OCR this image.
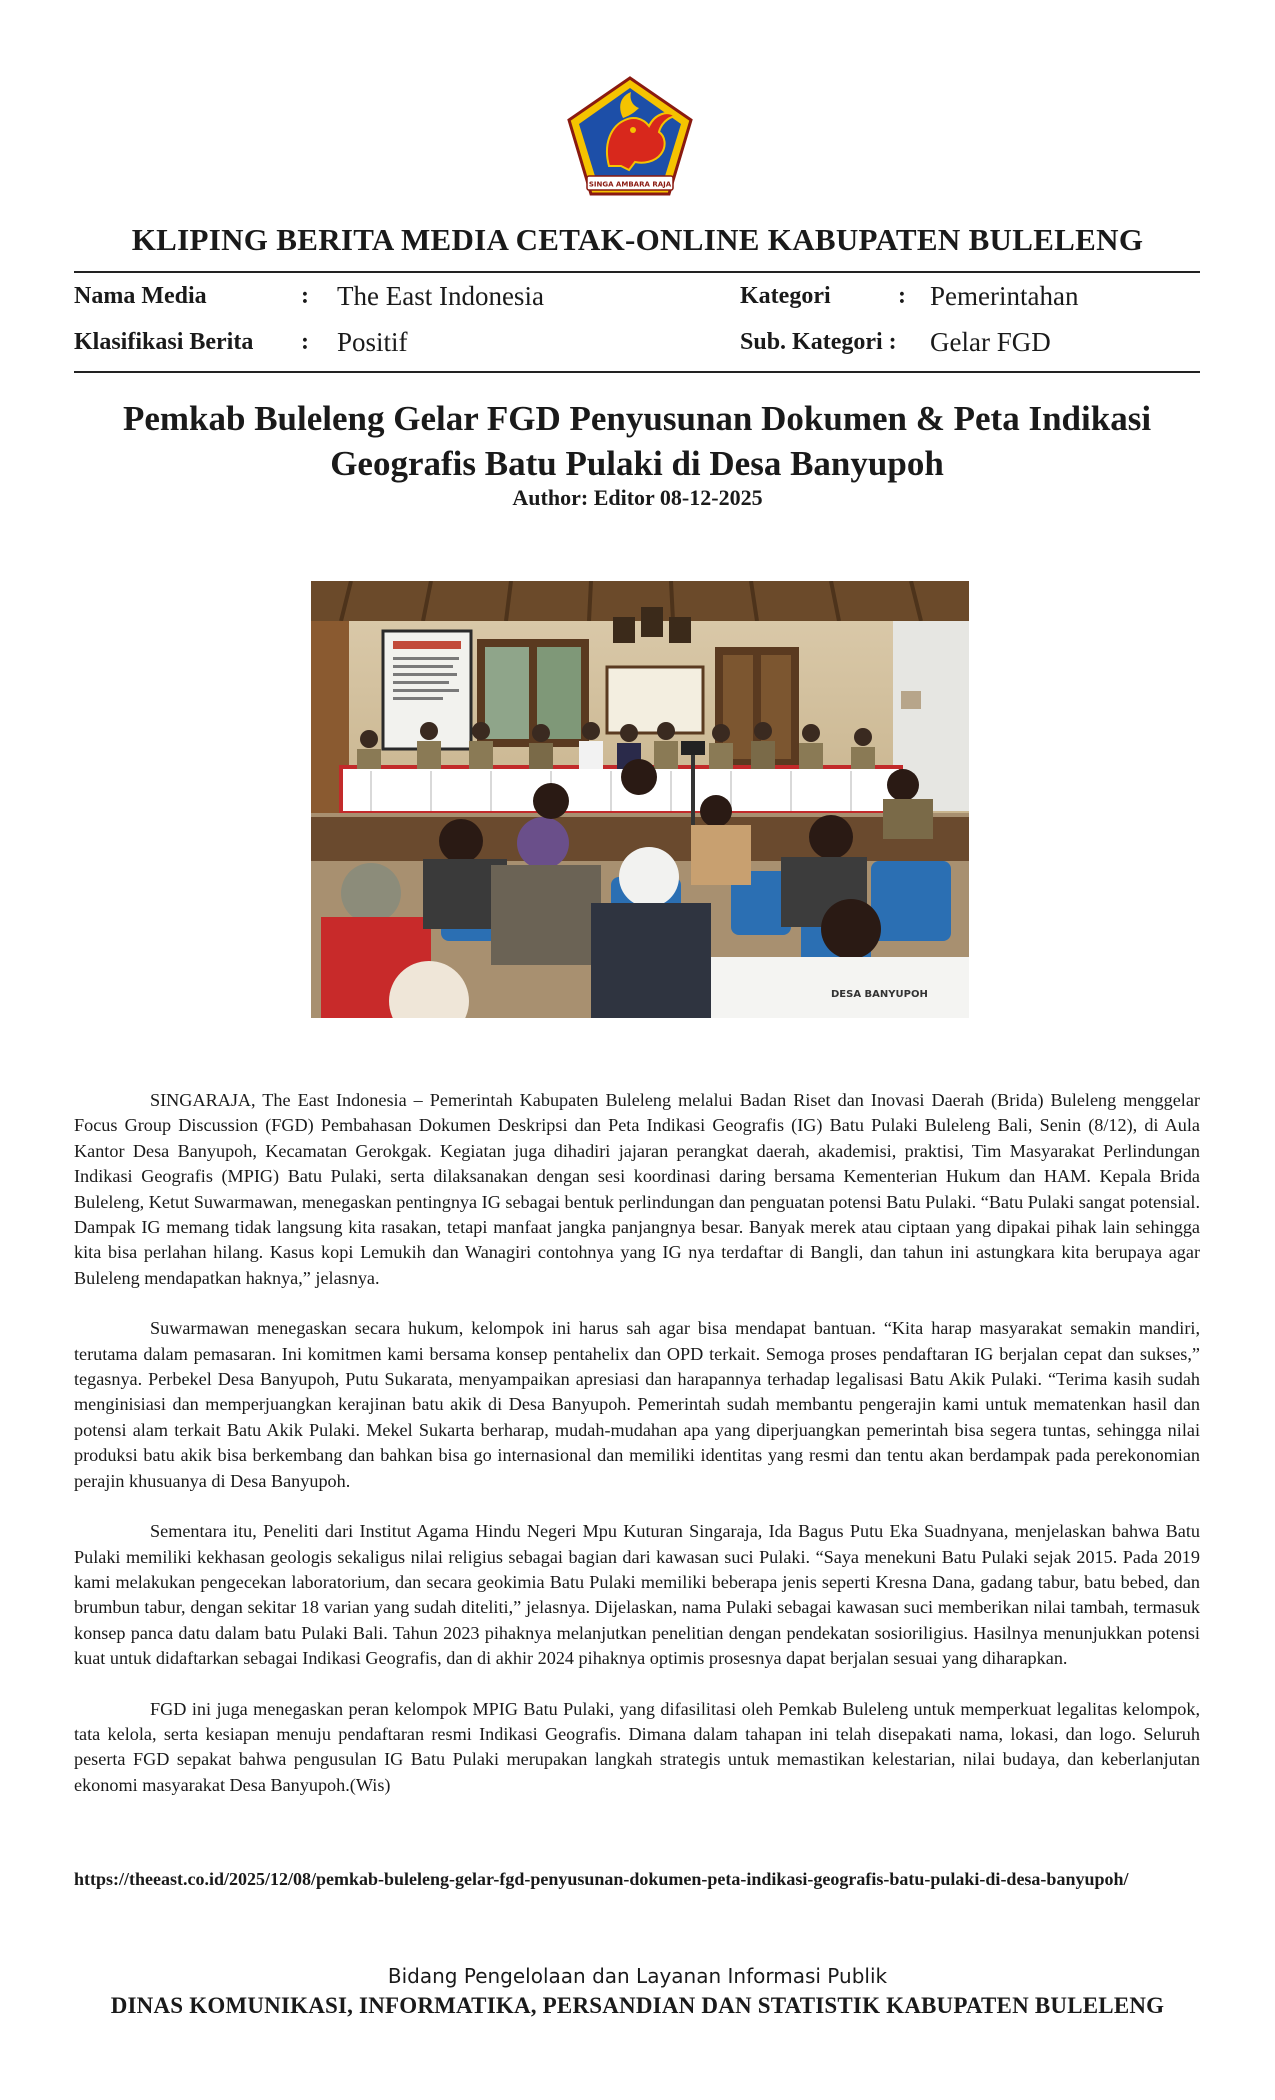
SINGA AMBARA RAJA
KLIPING BERITA MEDIA CETAK-ONLINE KABUPATEN BULELENG
Nama Media	: The East Indonesia	Kategori	: Pemerintahan
Klasifikasi Berita : Positif	Sub. Kategori : Gelar FGD
Pemkab Buleleng Gelar FGD Penyusunan Dokumen & Peta Indikasi
Geografis Batu Pulaki di Desa Banyupoh
Author: Editor 08-12-2025
DESA BANYUPOH

SINGARAJA, The East Indonesia – Pemerintah Kabupaten Buleleng melalui Badan Riset dan Inovasi Daerah (Brida) Buleleng menggelar Focus Group Discussion (FGD) Pembahasan Dokumen Deskripsi dan Peta Indikasi Geografis (IG) Batu Pulaki Buleleng Bali, Senin (8/12), di Aula Kantor Desa Banyupoh, Kecamatan Gerokgak. Kegiatan juga dihadiri jajaran perangkat daerah, akademisi, praktisi, Tim Masyarakat Perlindungan Indikasi Geografis (MPIG) Batu Pulaki, serta dilaksanakan dengan sesi koordinasi daring bersama Kementerian Hukum dan HAM. Kepala Brida Buleleng, Ketut Suwarmawan, menegaskan pentingnya IG sebagai bentuk perlindungan dan penguatan potensi Batu Pulaki. “Batu Pulaki sangat potensial. Dampak IG memang tidak langsung kita rasakan, tetapi manfaat jangka panjangnya besar. Banyak merek atau ciptaan yang dipakai pihak lain sehingga kita bisa perlahan hilang. Kasus kopi Lemukih dan Wanagiri contohnya yang IG nya terdaftar di Bangli, dan tahun ini astungkara kita berupaya agar Buleleng mendapatkan haknya,” jelasnya.

Suwarmawan menegaskan secara hukum, kelompok ini harus sah agar bisa mendapat bantuan. “Kita harap masyarakat semakin mandiri, terutama dalam pemasaran. Ini komitmen kami bersama konsep pentahelix dan OPD terkait. Semoga proses pendaftaran IG berjalan cepat dan sukses,” tegasnya. Perbekel Desa Banyupoh, Putu Sukarata, menyampaikan apresiasi dan harapannya terhadap legalisasi Batu Akik Pulaki. “Terima kasih sudah menginisiasi dan memperjuangkan kerajinan batu akik di Desa Banyupoh. Pemerintah sudah membantu pengerajin kami untuk mematenkan hasil dan potensi alam terkait Batu Akik Pulaki. Mekel Sukarta berharap, mudah-mudahan apa yang diperjuangkan pemerintah bisa segera tuntas, sehingga nilai produksi batu akik bisa berkembang dan bahkan bisa go internasional dan memiliki identitas yang resmi dan tentu akan berdampak pada perekonomian perajin khusuanya di Desa Banyupoh.

Sementara itu, Peneliti dari Institut Agama Hindu Negeri Mpu Kuturan Singaraja, Ida Bagus Putu Eka Suadnyana, menjelaskan bahwa Batu Pulaki memiliki kekhasan geologis sekaligus nilai religius sebagai bagian dari kawasan suci Pulaki. “Saya menekuni Batu Pulaki sejak 2015. Pada 2019 kami melakukan pengecekan laboratorium, dan secara geokimia Batu Pulaki memiliki beberapa jenis seperti Kresna Dana, gadang tabur, batu bebed, dan brumbun tabur, dengan sekitar 18 varian yang sudah diteliti,” jelasnya. Dijelaskan, nama Pulaki sebagai kawasan suci memberikan nilai tambah, termasuk konsep panca datu dalam batu Pulaki Bali. Tahun 2023 pihaknya melanjutkan penelitian dengan pendekatan sosioriligius. Hasilnya menunjukkan potensi kuat untuk didaftarkan sebagai Indikasi Geografis, dan di akhir 2024 pihaknya optimis prosesnya dapat berjalan sesuai yang diharapkan.

FGD ini juga menegaskan peran kelompok MPIG Batu Pulaki, yang difasilitasi oleh Pemkab Buleleng untuk memperkuat legalitas kelompok, tata kelola, serta kesiapan menuju pendaftaran resmi Indikasi Geografis. Dimana dalam tahapan ini telah disepakati nama, lokasi, dan logo. Seluruh peserta FGD sepakat bahwa pengusulan IG Batu Pulaki merupakan langkah strategis untuk memastikan kelestarian, nilai budaya, dan keberlanjutan ekonomi masyarakat Desa Banyupoh.(Wis)

https://theeast.co.id/2025/12/08/pemkab-buleleng-gelar-fgd-penyusunan-dokumen-peta-indikasi-geografis-batu-pulaki-di-desa-banyupoh/
Bidang Pengelolaan dan Layanan Informasi Publik
DINAS KOMUNIKASI, INFORMATIKA, PERSANDIAN DAN STATISTIK KABUPATEN BULELENG
